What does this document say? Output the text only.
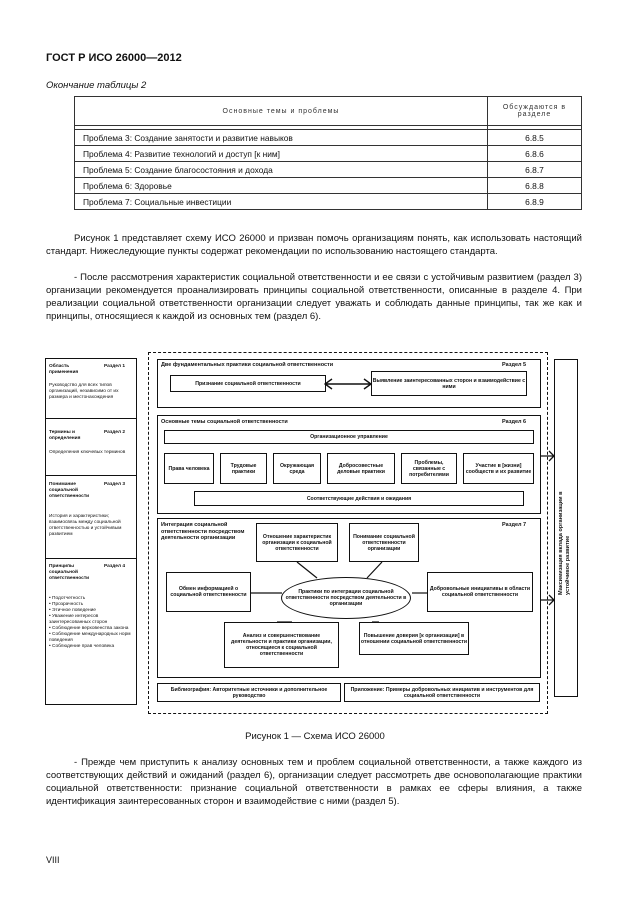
ГОСТ Р ИСО 26000—2012
Окончание таблицы 2
Основные темы и проблемы	Обсуждаются в разделе

Проблема 3: Создание занятости и развитие навыков	6.8.5
Проблема 4: Развитие технологий и доступ [к ним]	6.8.6
Проблема 5: Создание благосостояния и дохода	6.8.7
Проблема 6: Здоровье	6.8.8
Проблема 7: Социальные инвестиции	6.8.9
Рисунок 1 представляет схему ИСО 26000 и призван помочь организациям понять, как использовать настоящий стандарт. Нижеследующие пункты содержат рекомендации по использованию настоящего стандарта.
- После рассмотрения характеристик социальной ответственности и ее связи с устойчивым развитием (раздел 3) организации рекомендуется проанализировать принципы социальной ответственности, описанные в разделе 4. При реализации социальной ответственности организации следует уважать и соблюдать данные принципы, так же как и принципы, относящиеся к каждой из основных тем (раздел 6).
Область применения
Раздел 1
Руководство для всех типов организаций, независимо от их размера и местонахождения
Термины и определения
Раздел 2
Определения ключевых терминов
Понимание социальной ответственности
Раздел 3
История и характеристики; взаимосвязь между социальной ответственностью и устойчивым развитием
Принципы социальной ответственности
Раздел 4
• Подотчетность
• Прозрачность
• Этичное поведение
• Уважение интересов заинтересованных сторон
• Соблюдение верховенства закона
• Соблюдение международных норм поведения
• Соблюдение прав человека
Две фундаментальных практики социальной ответственности	Раздел 5
Признание социальной ответственности	Выявление заинтересованных сторон и взаимодействие с ними
Основные темы социальной ответственности	Раздел 6
Организационное управление
Права человека	Трудовые практики
Окружающая среда
Добросовестные деловые практики
Проблемы, связанные с потребителями
Участие в [жизни] сообществ и их развитие
Соответствующие действия и ожидания
Интеграция социальной ответственности посредством деятельности организации
Раздел 7
Отношение характеристик организации к социальной ответственности
Понимание социальной ответственности организации
Практики по интеграции социальной ответственности посредством деятельности в организации
Обмен информацией о социальной ответственности
Добровольные инициативы в области социальной ответственности
Анализ и совершенствование деятельности и практики организации, относящиеся к социальной ответственности
Повышение доверия [к организации] в отношении социальной ответственности
Библиография: Авторитетные источники и дополнительное руководство
Приложение: Примеры добровольных инициатив и инструментов для социальной ответственности
Максимизация вклада организации в устойчивое развитие
Рисунок 1 — Схема ИСО 26000
- Прежде чем приступить к анализу основных тем и проблем социальной ответственности, а также каждого из соответствующих действий и ожиданий (раздел 6), организации следует рассмотреть две основополагающие практики социальной ответственности: признание социальной ответственности в рамках ее сферы влияния, а также идентификация заинтересованных сторон и взаимодействие с ними (раздел 5).
VIII
